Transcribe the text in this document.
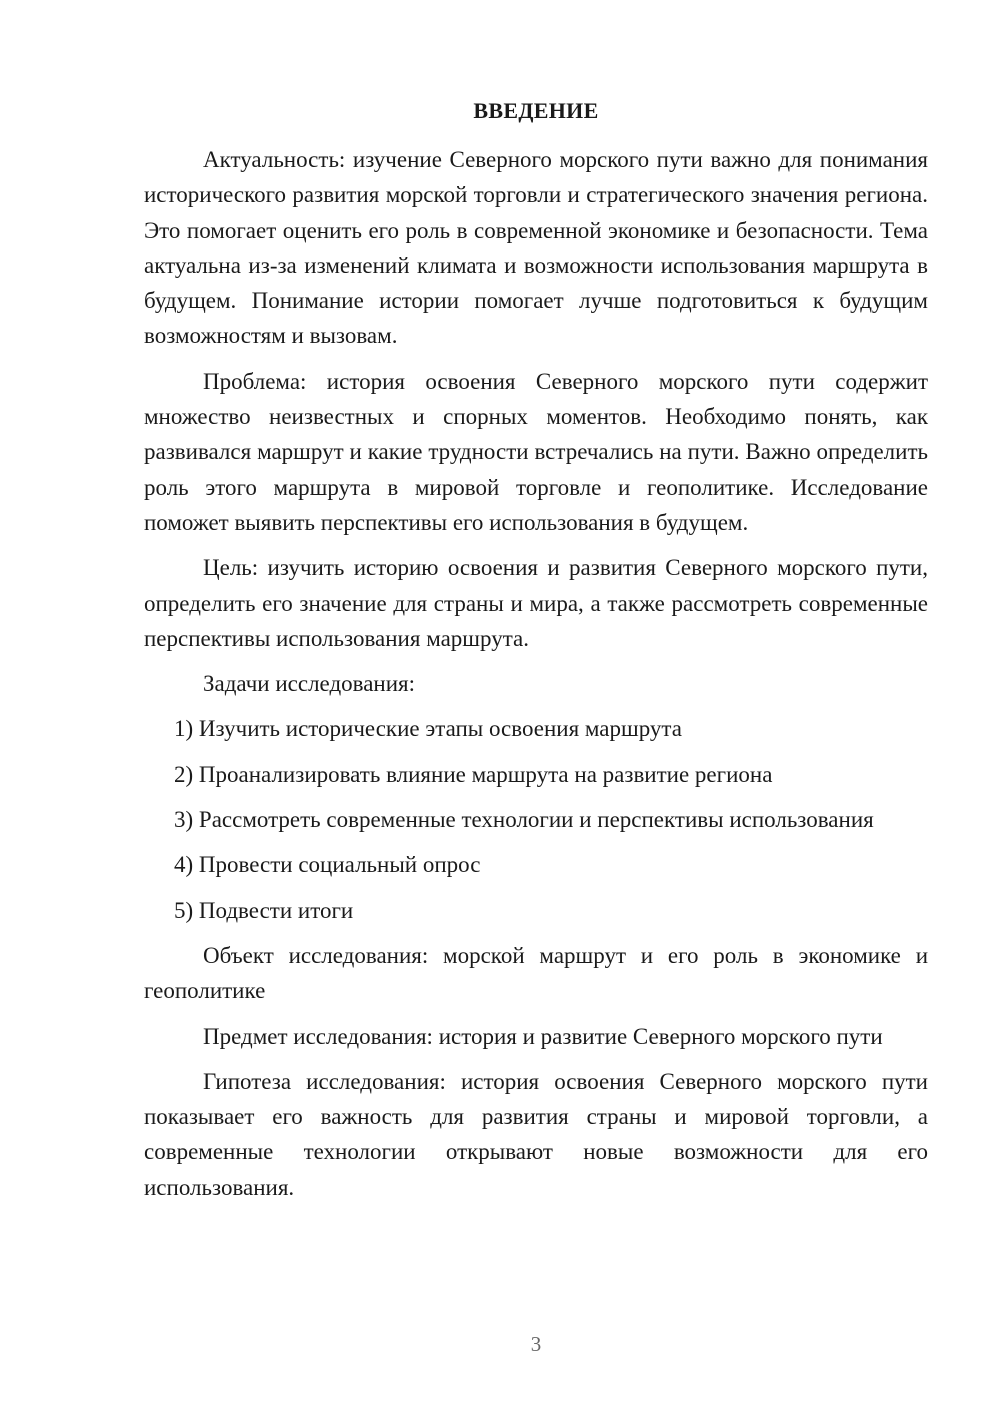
ВВЕДЕНИЕ

Актуальность: изучение Северного морского пути важно для понимания исторического развития морской торговли и стратегического значения региона. Это помогает оценить его роль в современной экономике и безопасности. Тема актуальна из-за изменений климата и возможности использования маршрута в будущем. Понимание истории помогает лучше подготовиться к будущим возможностям и вызовам.

Проблема: история освоения Северного морского пути содержит множество неизвестных и спорных моментов. Необходимо понять, как развивался маршрут и какие трудности встречались на пути. Важно определить роль этого маршрута в мировой торговле и геополитике. Исследование поможет выявить перспективы его использования в будущем.

Цель: изучить историю освоения и развития Северного морского пути, определить его значение для страны и мира, а также рассмотреть современные перспективы использования маршрута.

Задачи исследования:

1) Изучить исторические этапы освоения маршрута
2) Проанализировать влияние маршрута на развитие региона
3) Рассмотреть современные технологии и перспективы использования
4) Провести социальный опрос
5) Подвести итоги

Объект исследования: морской маршрут и его роль в экономике и геополитике

Предмет исследования: история и развитие Северного морского пути

Гипотеза исследования: история освоения Северного морского пути показывает его важность для развития страны и мировой торговли, а современные технологии открывают новые возможности для его использования.

3
